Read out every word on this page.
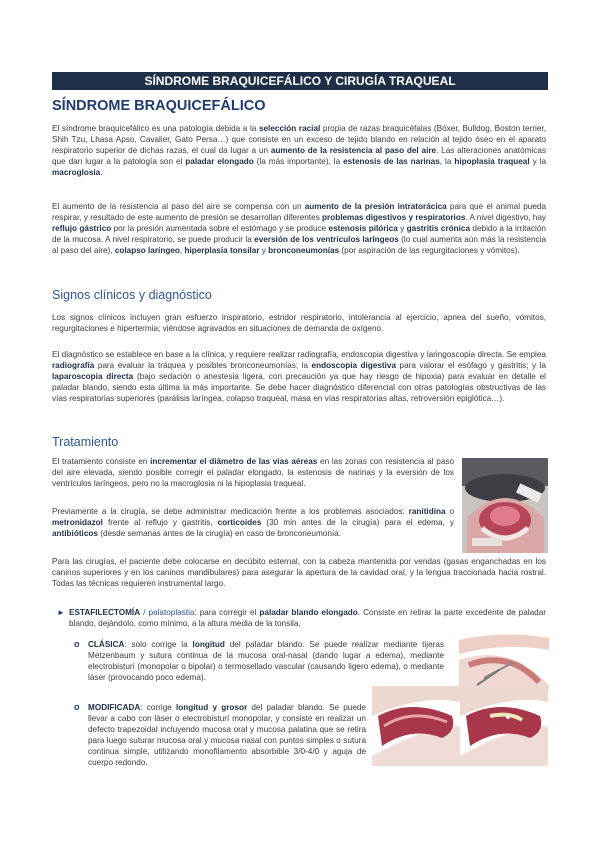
SÍNDROME BRAQUICEFÁLICO Y CIRUGÍA TRAQUEAL
SÍNDROME BRAQUICEFÁLICO

El síndrome braquicefálico es una patología debida a la selección racial propia de razas braquicéfalas (Bóxer, Bulldog, Boston terrier, Shih Tzu, Lhasa Apso, Cavalier, Gato Persa…) que consiste en un exceso de tejido blando en relación al tejido óseo en el aparato respiratorio superior de dichas razas, el cual da lugar a un aumento de la resistencia al paso del aire. Las alteraciones anatómicas que dan lugar a la patología son el paladar elongado (la más importante), la estenosis de las narinas, la hipoplasia traqueal y la macroglosia.

El aumento de la resistencia al paso del aire se compensa con un aumento de la presión intratorácica para que el animal pueda respirar, y resultado de este aumento de presión se desarrollan diferentes problemas digestivos y respiratorios. A nivel digestivo, hay reflujo gástrico por la presión aumentada sobre el estómago y se produce estenosis pilórica y gastritis crónica debido a la irritación de la mucosa. A nivel respiratorio, se puede producir la eversión de los ventrículos laríngeos (lo cual aumenta aún más la resistencia al paso del aire), colapso laríngeo, hiperplasia tonsilar y bronconeumonías (por aspiración de las regurgitaciones y vómitos).

Signos clínicos y diagnóstico

Los signos clínicos incluyen gran esfuerzo inspiratorio, estridor respiratorio, intolerancia al ejercicio, apnea del sueño, vómitos, regurgitaciones e hipertermia; viéndose agravados en situaciones de demanda de oxígeno.

El diagnóstico se establece en base a la clínica, y requiere realizar radiografía, endoscopia digestiva y laringoscopia directa. Se emplea radiografía para evaluar la tráquea y posibles bronconeumonías; la endoscopia digestiva para valorar el esófago y gastritis; y la laparoscopia directa (bajo sedación o anestesia ligera, con precaución ya que hay riesgo de hipoxia) para evaluar en detalle el paladar blando, siendo esta última la más importante. Se debe hacer diagnóstico diferencial con otras patologías obstructivas de las vías respiratorias superiores (parálisis laríngea, colapso traqueal, masa en vías respiratorias altas, retroversión epiglótica…).

Tratamiento

El tratamiento consiste en incrementar el diámetro de las vías aéreas en las zonas con resistencia al paso del aire elevada, siendo posible corregir el paladar elongado, la estenosis de narinas y la eversión de los ventrículos laríngeos, pero no la macroglosia ni la hipoplasia traqueal.

Previamente a la cirugía, se debe administrar medicación frente a los problemas asociados: ranitidina o metronidazol frente al reflujo y gastritis, corticoides (30 min antes de la cirugía) para el edema, y antibióticos (desde semanas antes de la cirugía) en caso de bronconeumonía.

Para las cirugías, el paciente debe colocarse en decúbito esternal, con la cabeza mantenida por vendas (gasas enganchadas en los caninos superiores y en los caninos mandibulares) para asegurar la apertura de la cavidad oral, y la lengua traccionada hacia rostral. Todas las técnicas requieren instrumental largo.

► ESTAFILECTOMÍA / palatoplastia: para corregir el paladar blando elongado. Consiste en retirar la parte excedente de paladar blando, dejándolo, como mínimo, a la altura media de la tonsila.

o CLÁSICA: solo corrige la longitud del paladar blando. Se puede realizar mediante tijeras Metzenbaum y sutura continua de la mucosa oral-nasal (dando lugar a edema), mediante electrobisturí (monopolar o bipolar) o termosellado vascular (causando ligero edema), o mediante láser (provocando poco edema).

o MODIFICADA: corrige longitud y grosor del paladar blando. Se puede llevar a cabo con láser o electrobisturí monopolar, y consiste en realizar un defecto trapezoidal incluyendo mucosa oral y mucosa palatina que se retira para luego suturar mucosa oral y mucosa nasal con puntos simples o sutura continua simple, utilizando monofilamento absorbible 3/0-4/0 y aguja de cuerpo redondo.
